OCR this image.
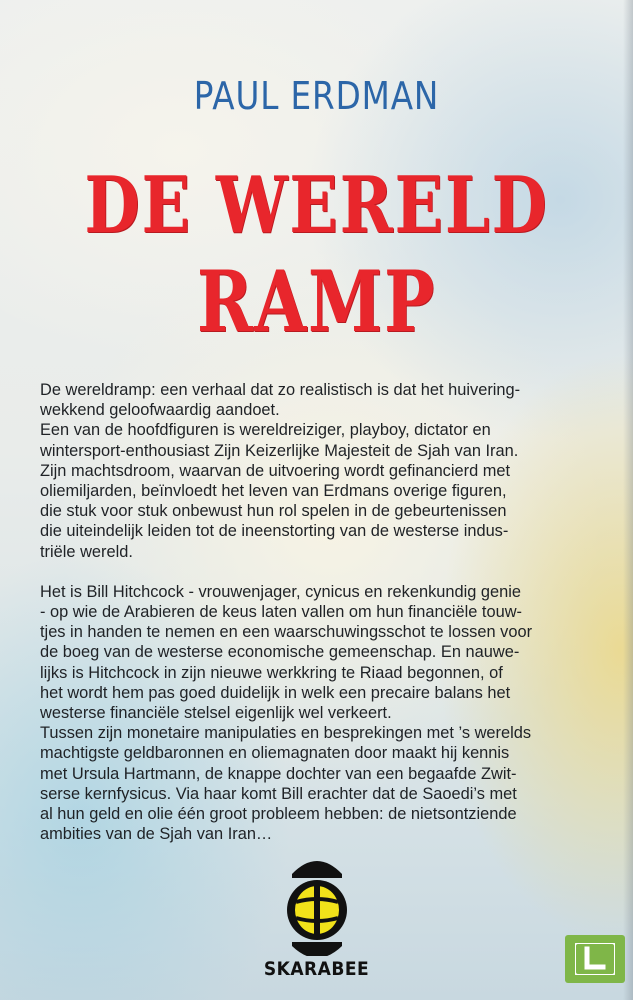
PAUL ERDMAN
DE WERELD
RAMP

De wereldramp: een verhaal dat zo realistisch is dat het huivering-

wekkend geloofwaardig aandoet.

Een van de hoofdfiguren is wereldreiziger, playboy, dictator en

wintersport-enthousiast Zijn Keizerlijke Majesteit de Sjah van Iran.

Zijn machtsdroom, waarvan de uitvoering wordt gefinancierd met

oliemiljarden, beïnvloedt het leven van Erdmans overige figuren,

die stuk voor stuk onbewust hun rol spelen in de gebeurtenissen

die uiteindelijk leiden tot de ineenstorting van de westerse indus-

triële wereld.

Het is Bill Hitchcock - vrouwenjager, cynicus en rekenkundig genie

- op wie de Arabieren de keus laten vallen om hun financiële touw-

tjes in handen te nemen en een waarschuwingsschot te lossen voor

de boeg van de westerse economische gemeenschap. En nauwe-

lijks is Hitchcock in zijn nieuwe werkkring te Riaad begonnen, of

het wordt hem pas goed duidelijk in welk een precaire balans het

westerse financiële stelsel eigenlijk wel verkeert.

Tussen zijn monetaire manipulaties en besprekingen met ’s werelds

machtigste geldbaronnen en oliemagnaten door maakt hij kennis

met Ursula Hartmann, de knappe dochter van een begaafde Zwit-

serse kernfysicus. Via haar komt Bill erachter dat de Saoedi’s met

al hun geld en olie één groot probleem hebben: de nietsontziende

ambities van de Sjah van Iran…

SKARABEE
